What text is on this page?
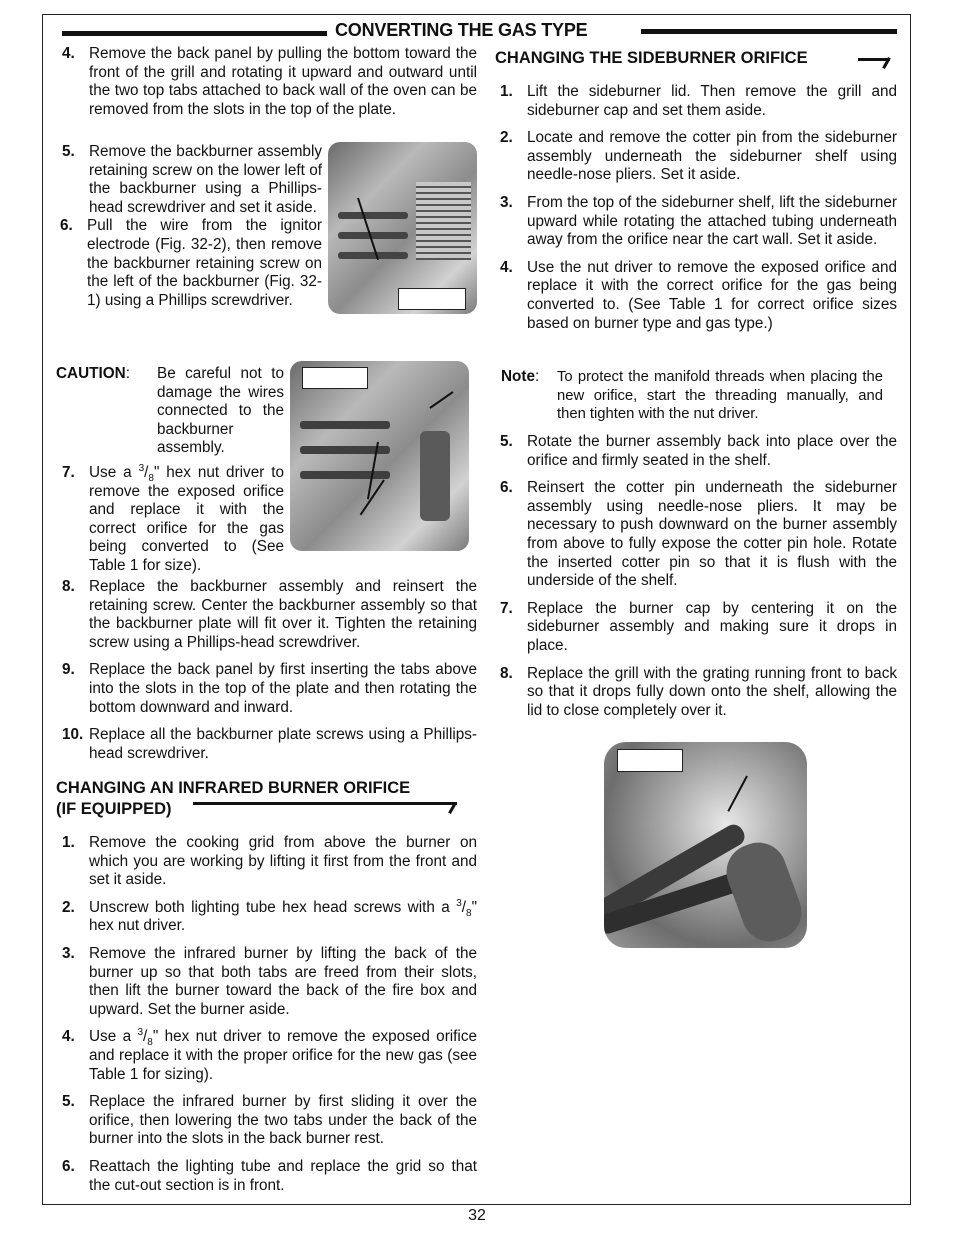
CONVERTING THE GAS TYPE
4. Remove the back panel by pulling the bottom toward the front of the grill and rotating it upward and outward until the two top tabs attached to back wall of the oven can be removed from the slots in the top of the plate.
5. Remove the backburner assembly retaining screw on the lower left of the backburner using a Phillips-head screwdriver and set it aside.
6. Pull the wire from the ignitor electrode (Fig. 32-2), then remove the backburner retaining screw on the left of the backburner (Fig. 32-1) using a Phillips screwdriver.
CAUTION: Be careful not to damage the wires connected to the backburner assembly.
7. Use a $^3/_8$" hex nut driver to remove the exposed orifice and replace it with the correct orifice for the gas being converted to (See Table 1 for size).
8. Replace the backburner assembly and reinsert the retaining screw. Center the backburner assembly so that the backburner plate will fit over it. Tighten the retaining screw using a Phillips-head screwdriver.
9. Replace the back panel by first inserting the tabs above into the slots in the top of the plate and then rotating the bottom downward and inward.
10. Replace all the backburner plate screws using a Phillips-head screwdriver.
CHANGING AN INFRARED BURNER ORIFICE
(IF EQUIPPED)
1. Remove the cooking grid from above the burner on which you are working by lifting it first from the front and set it aside.
2. Unscrew both lighting tube hex head screws with a $^3/_8$" hex nut driver.
3. Remove the infrared burner by lifting the back of the burner up so that both tabs are freed from their slots, then lift the burner toward the back of the fire box and upward. Set the burner aside.
4. Use a $^3/_8$" hex nut driver to remove the exposed orifice and replace it with the proper orifice for the new gas (see Table 1 for sizing).
5. Replace the infrared burner by first sliding it over the orifice, then lowering the two tabs under the back of the burner into the slots in the back burner rest.
6. Reattach the lighting tube and replace the grid so that the cut-out section is in front.
CHANGING THE SIDEBURNER ORIFICE
1. Lift the sideburner lid. Then remove the grill and sideburner cap and set them aside.
2. Locate and remove the cotter pin from the sideburner assembly underneath the sideburner shelf using needle-nose pliers. Set it aside.
3. From the top of the sideburner shelf, lift the sideburner upward while rotating the attached tubing underneath away from the orifice near the cart wall. Set it aside.
4. Use the nut driver to remove the exposed orifice and replace it with the correct orifice for the gas being converted to. (See Table 1 for correct orifice sizes based on burner type and gas type.)
Note: To protect the manifold threads when placing the new orifice, start the threading manually, and then tighten with the nut driver.
5. Rotate the burner assembly back into place over the orifice and firmly seated in the shelf.
6. Reinsert the cotter pin underneath the sideburner assembly using needle-nose pliers. It may be necessary to push downward on the burner assembly from above to fully expose the cotter pin hole. Rotate the inserted cotter pin so that it is flush with the underside of the shelf.
7. Replace the burner cap by centering it on the sideburner assembly and making sure it drops in place.
8. Replace the grill with the grating running front to back so that it drops fully down onto the shelf, allowing the lid to close completely over it.
32
